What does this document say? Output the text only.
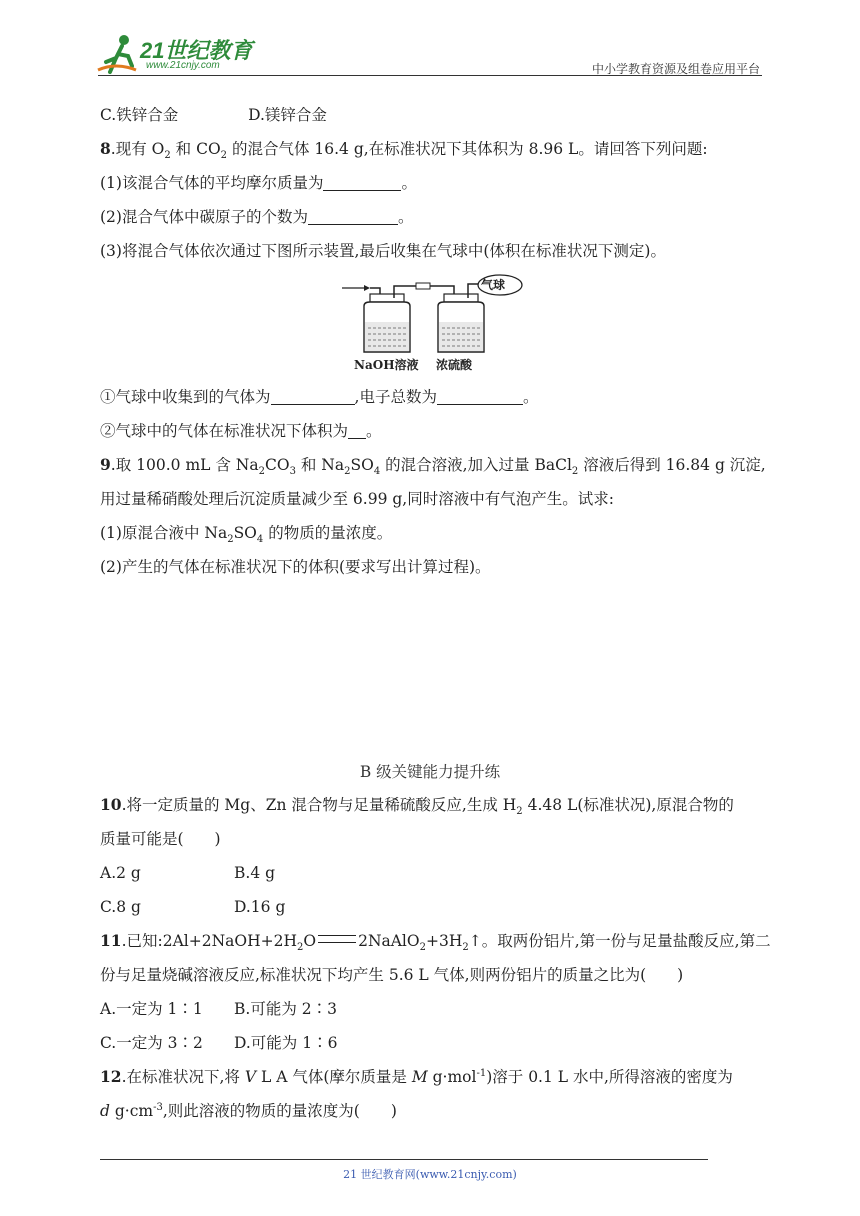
21世纪教育
www.21cnjy.com	中小学教育资源及组卷应用平台
C.铁锌合金	D.镁锌合金
8.现有 $O_2$ 和 $CO_2$ 的混合气体 16.4 g,在标准状况下其体积为 8.96 L。请回答下列问题:
(1)该混合气体的平均摩尔质量为	。
(2)混合气体中碳原子的个数为	。
(3)将混合气体依次通过下图所示装置,最后收集在气球中(体积在标准状况下测定)。
气球
NaOH溶液 浓硫酸
①气球中收集到的气体为	,电子总数为	。
②气球中的气体在标准状况下体积为 。
9.取 100.0 mL 含 $Na_2CO_3$ 和 $Na_2SO_4$ 的混合溶液,加入过量 BaCl$_2$ 溶液后得到 16.84 g 沉淀,
用过量稀硝酸处理后沉淀质量减少至 6.99 g,同时溶液中有气泡产生。试求:
(1)原混合液中 $Na_2SO_4$ 的物质的量浓度。
(2)产生的气体在标准状况下的体积(要求写出计算过程)。
B 级关键能力提升练
10.将一定质量的 Mg、Zn 混合物与足量稀硫酸反应,生成 $H_2$ 4.48 L(标准状况),原混合物的
质量可能是(　　)
A.2 g	B.4 g
C.8 g	D.16 g
11.已知$:2Al+2NaOH+2H_2O$	$2NaAlO_2+3H_2↑$。取两份铝片,第一份与足量盐酸反应,第二
份与足量烧碱溶液反应,标准状况下均产生 5.6 L 气体,则两份铝片的质量之比为(　　)
A.一定为 1∶1 B.可能为 2∶3
C.一定为 3∶2 D.可能为 1∶6
12.在标准状况下,将 V L A 气体(摩尔质量是 M g·mol$^{-1}$)溶于 0.1 L 水中,所得溶液的密度为
d $g\cdot cm^{-3}$,则此溶液的物质的量浓度为(　　)
21 世纪教育网(www.21cnjy.com)
